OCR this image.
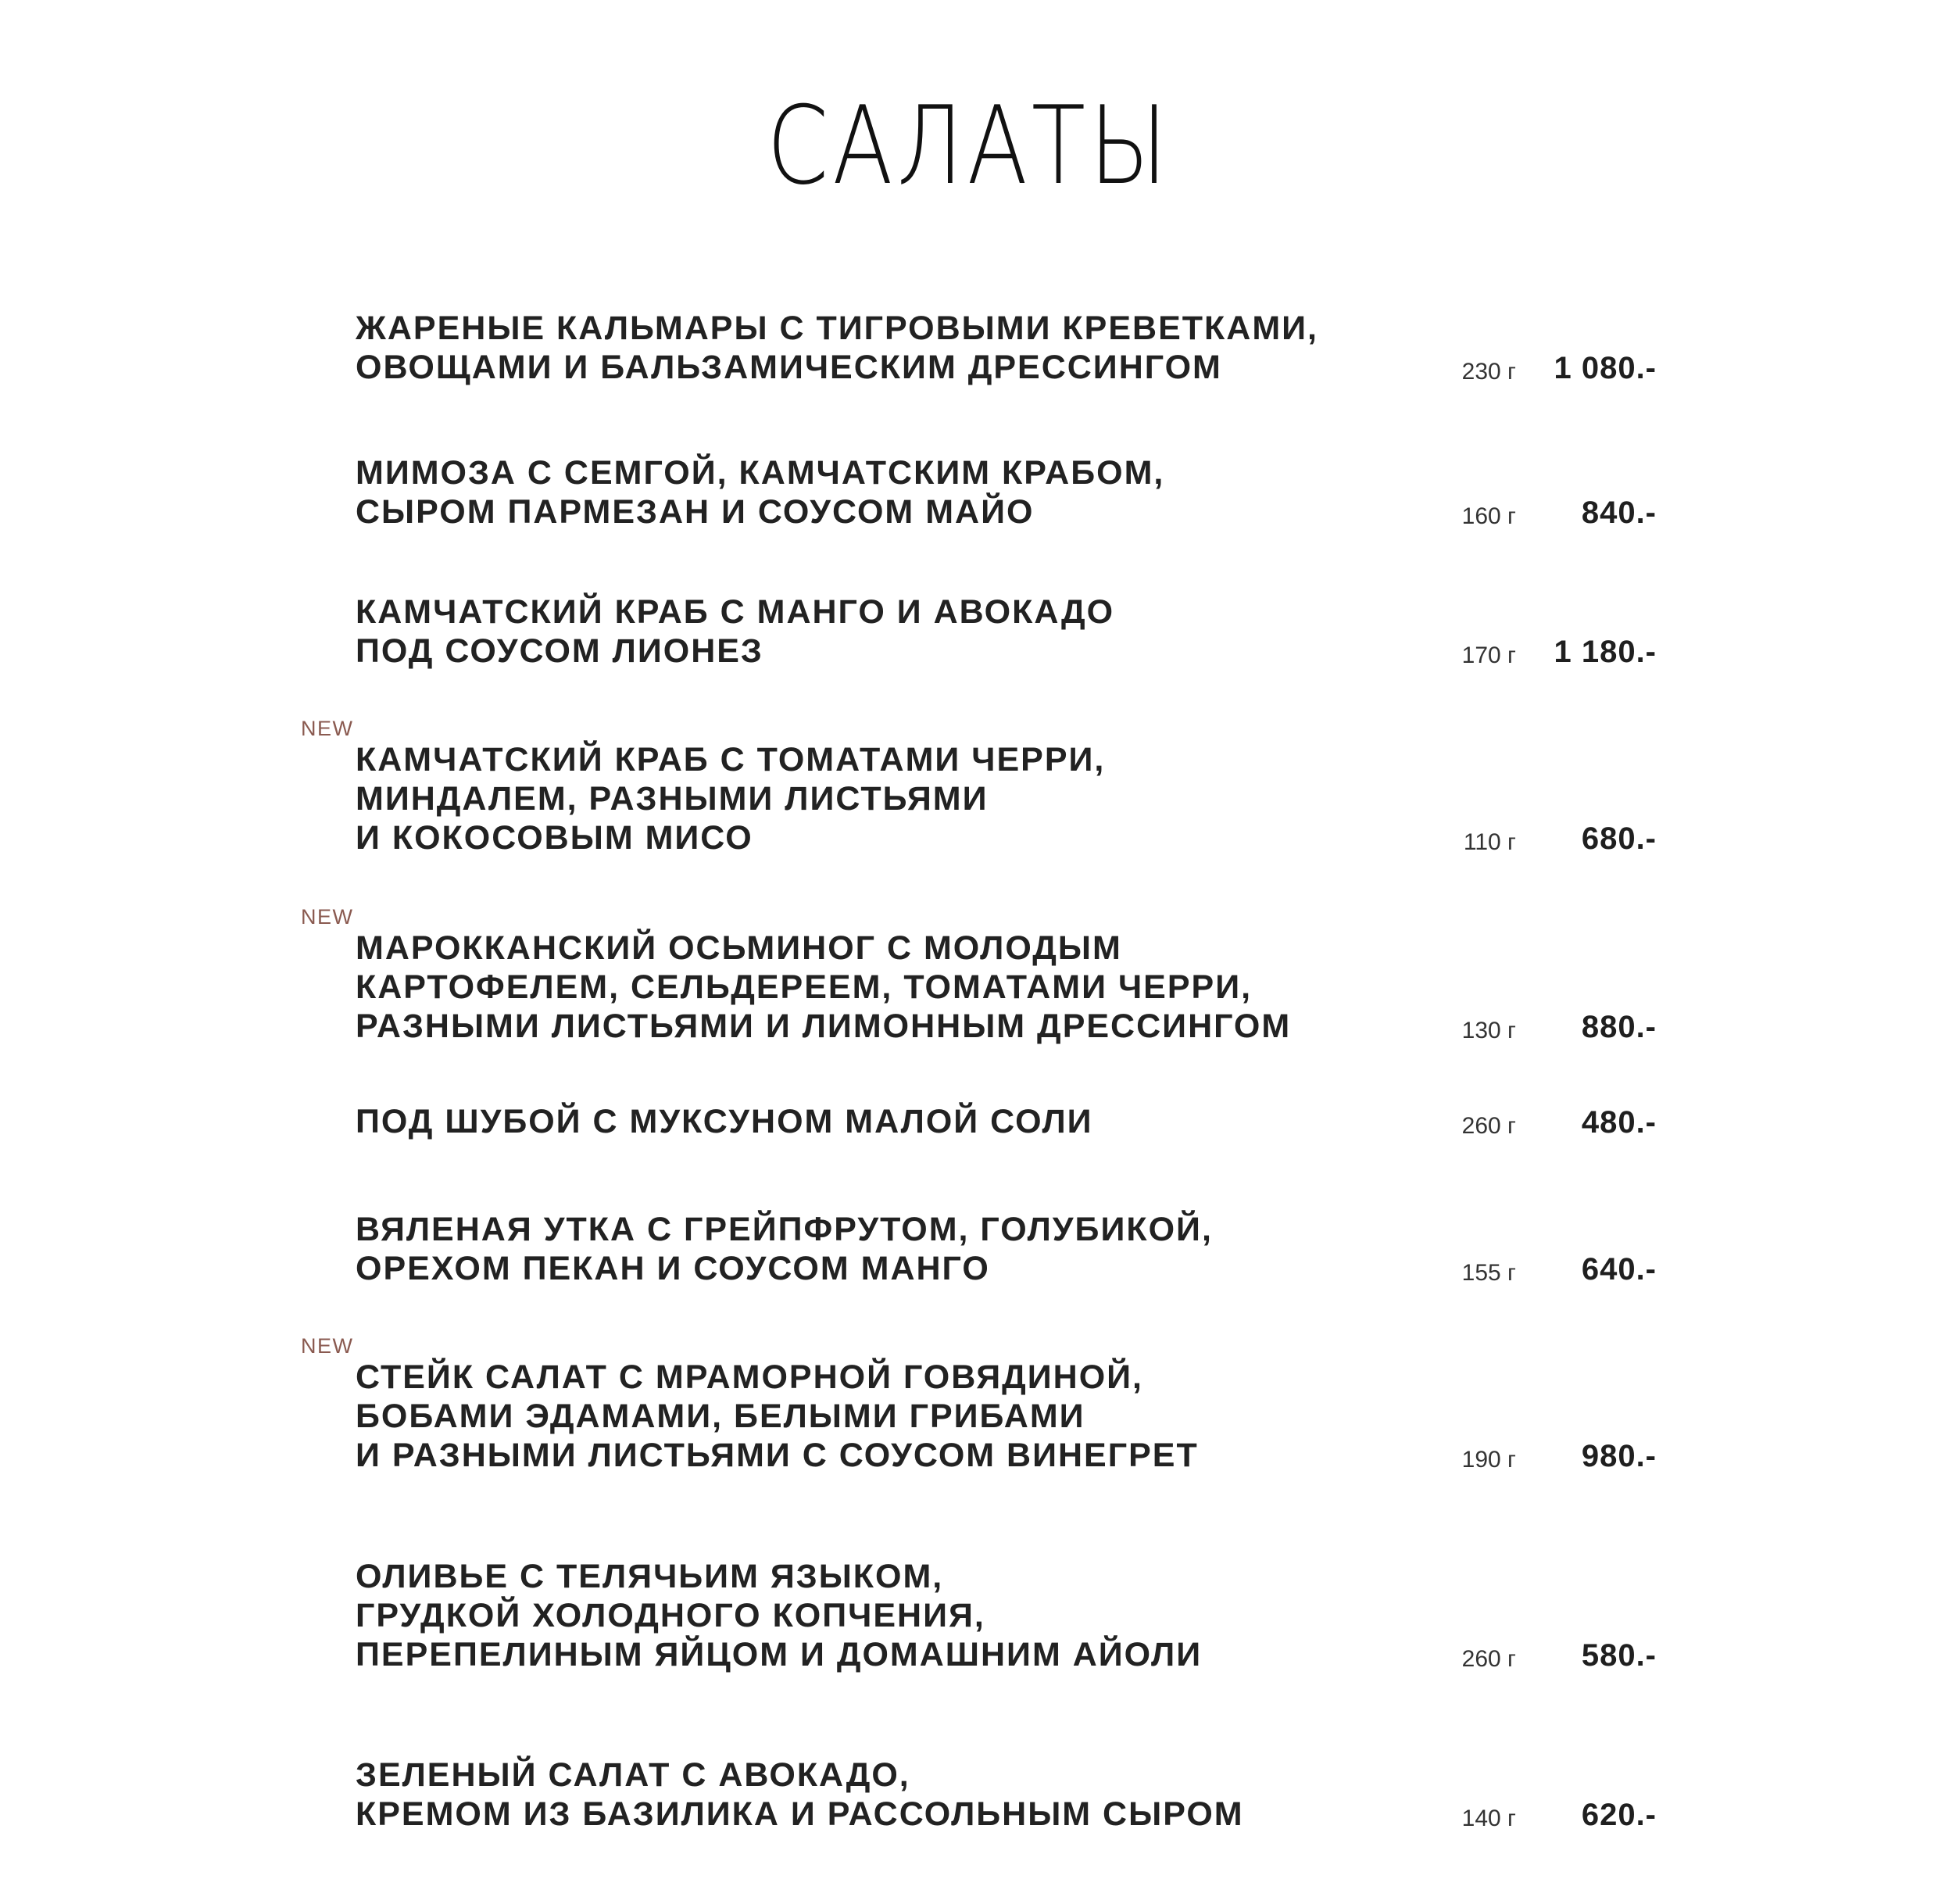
САЛАТЫ
ЖАРЕНЫЕ КАЛЬМАРЫ С ТИГРОВЫМИ КРЕВЕТКАМИ,
ОВОЩАМИ И БАЛЬЗАМИЧЕСКИМ ДРЕССИНГОМ	230 г 1 080.-
МИМОЗА С СЕМГОЙ, КАМЧАТСКИМ КРАБОМ,
СЫРОМ ПАРМЕЗАН И СОУСОМ МАЙО	160 г 840.-
КАМЧАТСКИЙ КРАБ С МАНГО И АВОКАДО
ПОД СОУСОМ ЛИОНЕЗ	170 г 1 180.-
NEW
КАМЧАТСКИЙ КРАБ С ТОМАТАМИ ЧЕРРИ,
МИНДАЛЕМ, РАЗНЫМИ ЛИСТЬЯМИ
И КОКОСОВЫМ МИСО	110 г 680.-
NEW
МАРОККАНСКИЙ ОСЬМИНОГ С МОЛОДЫМ
КАРТОФЕЛЕМ, СЕЛЬДЕРЕЕМ, ТОМАТАМИ ЧЕРРИ,
РАЗНЫМИ ЛИСТЬЯМИ И ЛИМОННЫМ ДРЕССИНГОМ	130 г 880.-
ПОД ШУБОЙ С МУКСУНОМ МАЛОЙ СОЛИ	260 г 480.-
ВЯЛЕНАЯ УТКА С ГРЕЙПФРУТОМ, ГОЛУБИКОЙ,
ОРЕХОМ ПЕКАН И СОУСОМ МАНГО	155 г 640.-
NEW
СТЕЙК САЛАТ С МРАМОРНОЙ ГОВЯДИНОЙ,
БОБАМИ ЭДАМАМИ, БЕЛЫМИ ГРИБАМИ
И РАЗНЫМИ ЛИСТЬЯМИ С СОУСОМ ВИНЕГРЕТ	190 г 980.-
ОЛИВЬЕ С ТЕЛЯЧЬИМ ЯЗЫКОМ,
ГРУДКОЙ ХОЛОДНОГО КОПЧЕНИЯ,
ПЕРЕПЕЛИНЫМ ЯЙЦОМ И ДОМАШНИМ АЙОЛИ	260 г 580.-
ЗЕЛЕНЫЙ САЛАТ С АВОКАДО,
КРЕМОМ ИЗ БАЗИЛИКА И РАССОЛЬНЫМ СЫРОМ	140 г 620.-
